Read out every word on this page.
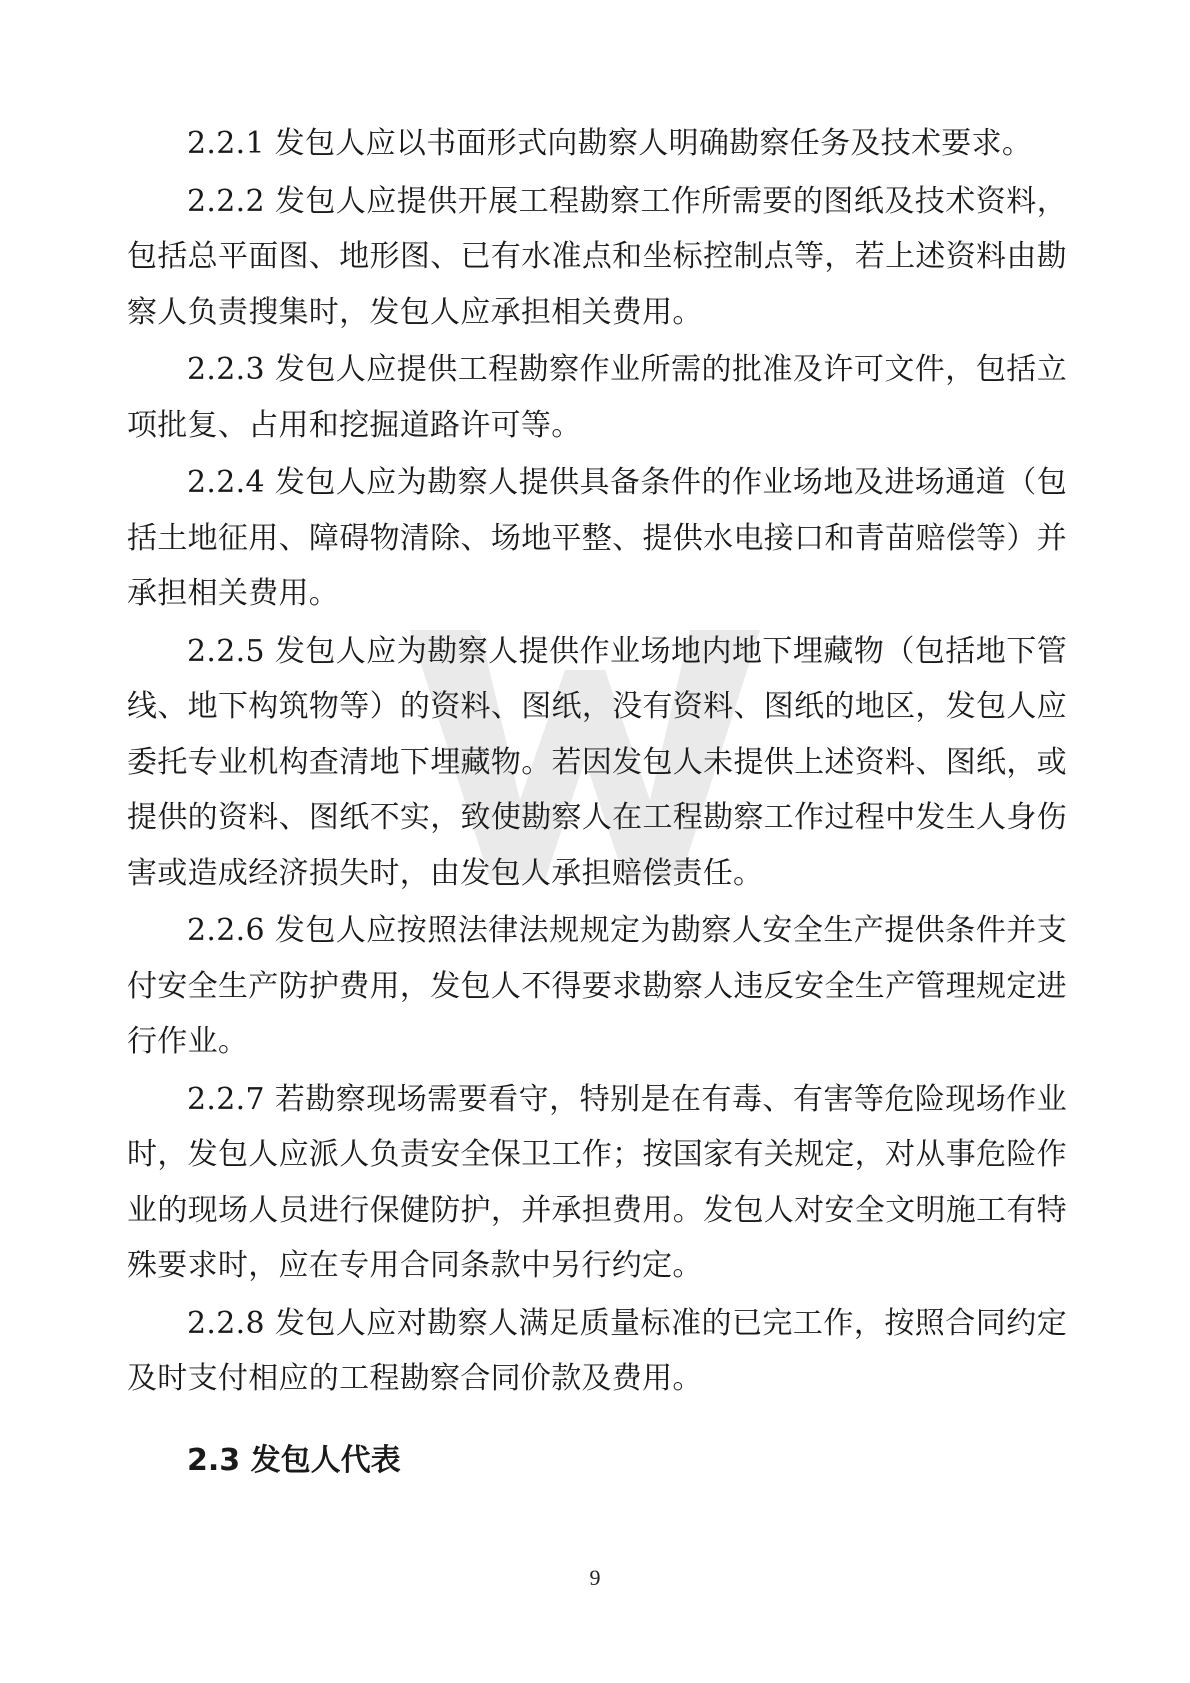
2.2.1 发包人应以书面形式向勘察人明确勘察任务及技术要求。

2.2.2 发包人应提供开展工程勘察工作所需要的图纸及技术资料，包括总平面图、地形图、已有水准点和坐标控制点等，若上述资料由勘察人负责搜集时，发包人应承担相关费用。

2.2.3 发包人应提供工程勘察作业所需的批准及许可文件，包括立项批复、占用和挖掘道路许可等。

2.2.4 发包人应为勘察人提供具备条件的作业场地及进场通道（包括土地征用、障碍物清除、场地平整、提供水电接口和青苗赔偿等）并承担相关费用。

2.2.5 发包人应为勘察人提供作业场地内地下埋藏物（包括地下管线、地下构筑物等）的资料、图纸，没有资料、图纸的地区，发包人应委托专业机构查清地下埋藏物。若因发包人未提供上述资料、图纸，或提供的资料、图纸不实，致使勘察人在工程勘察工作过程中发生人身伤害或造成经济损失时，由发包人承担赔偿责任。

2.2.6 发包人应按照法律法规规定为勘察人安全生产提供条件并支付安全生产防护费用，发包人不得要求勘察人违反安全生产管理规定进行作业。

2.2.7 若勘察现场需要看守，特别是在有毒、有害等危险现场作业时，发包人应派人负责安全保卫工作；按国家有关规定，对从事危险作业的现场人员进行保健防护，并承担费用。发包人对安全文明施工有特殊要求时，应在专用合同条款中另行约定。

2.2.8 发包人应对勘察人满足质量标准的已完工作，按照合同约定及时支付相应的工程勘察合同价款及费用。

2.3 发包人代表
9
